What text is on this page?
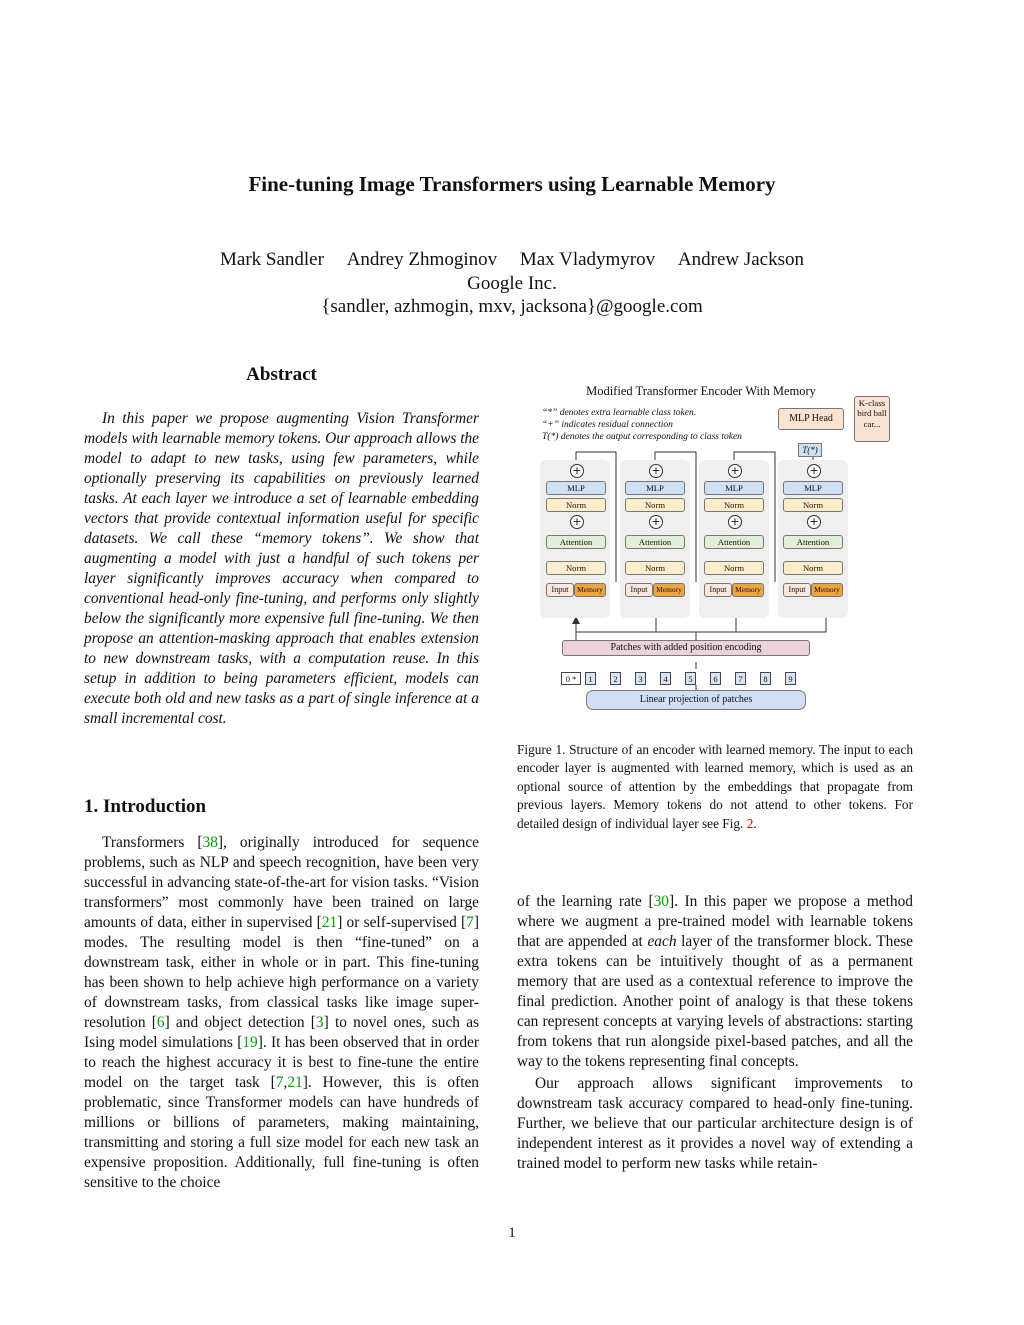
Fine-tuning Image Transformers using Learnable Memory
Mark Sandler Andrey Zhmoginov Max Vladymyrov Andrew Jackson
Google Inc.
{sandler, azhmogin, mxv, jacksona}@google.com
Abstract

In this paper we propose augmenting Vision Transformer models with learnable memory tokens. Our approach allows the model to adapt to new tasks, using few parameters, while optionally preserving its capabilities on previously learned tasks. At each layer we introduce a set of learnable embedding vectors that provide contextual information useful for specific datasets. We call these “memory tokens”. We show that augmenting a model with just a handful of such tokens per layer significantly improves accuracy when compared to conventional head-only fine-tuning, and performs only slightly below the significantly more expensive full fine-tuning. We then propose an attention-masking approach that enables extension to new downstream tasks, with a computation reuse. In this setup in addition to being parameters efficient, models can execute both old and new tasks as a part of single inference at a small incremental cost.

1. Introduction

Transformers [38], originally introduced for sequence problems, such as NLP and speech recognition, have been very successful in advancing state-of-the-art for vision tasks. “Vision transformers” most commonly have been trained on large amounts of data, either in supervised [21] or self-supervised [7] modes. The resulting model is then “fine-tuned” on a downstream task, either in whole or in part. This fine-tuning has been shown to help achieve high performance on a variety of downstream tasks, from classical tasks like image super-resolution [6] and object detection [3] to novel ones, such as Ising model simulations [19]. It has been observed that in order to reach the highest accuracy it is best to fine-tune the entire model on the target task [7,21]. However, this is often problematic, since Transformer models can have hundreds of millions or billions of parameters, making maintaining, transmitting and storing a full size model for each new task an expensive proposition. Additionally, full fine-tuning is often sensitive to the choice

Modified Transformer Encoder With Memory
“*” denotes extra learnable class token.
“+” indicates residual connection
T(*) denotes the output corresponding to class token
MLP Head
K-class bird ball car...
T(*)
+
MLP
Norm
+
Attention
Norm
Input	Memory
+
MLP
Norm
+
Attention
Norm
Input	Memory
+
MLP
Norm
+
Attention
Norm
Input	Memory
+
MLP
Norm
+
Attention
Norm
Input	Memory
Patches with added position encoding
0 *	1	2	3	4	5	6	7	8	9
Linear projection of patches

Figure 1. Structure of an encoder with learned memory. The input to each encoder layer is augmented with learned memory, which is used as an optional source of attention by the embeddings that propagate from previous layers. Memory tokens do not attend to other tokens. For detailed design of individual layer see Fig. 2.

of the learning rate [30]. In this paper we propose a method where we augment a pre-trained model with learnable tokens that are appended at each layer of the transformer block. These extra tokens can be intuitively thought of as a permanent memory that are used as a contextual reference to improve the final prediction. Another point of analogy is that these tokens can represent concepts at varying levels of abstractions: starting from tokens that run alongside pixel-based patches, and all the way to the tokens representing final concepts.

Our approach allows significant improvements to downstream task accuracy compared to head-only fine-tuning. Further, we believe that our particular architecture design is of independent interest as it provides a novel way of extending a trained model to perform new tasks while retain-

1
